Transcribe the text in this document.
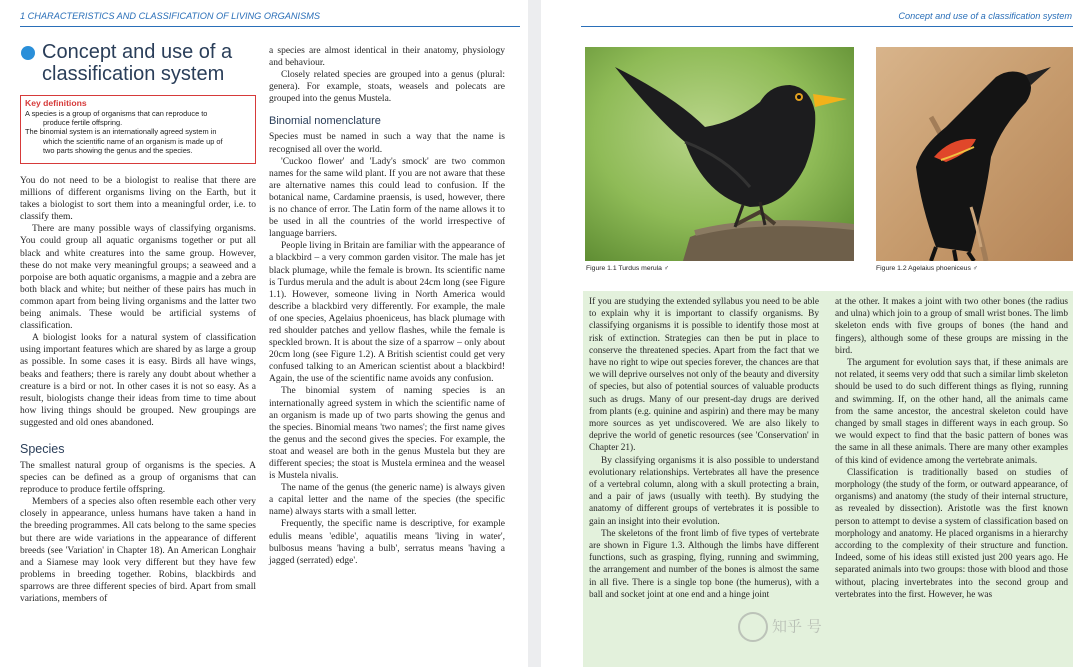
1 CHARACTERISTICS AND CLASSIFICATION OF LIVING ORGANISMS
Concept and use of a classification system
Key definitions
A species is a group of organisms that can reproduce to
produce fertile offspring.
The binomial system is an internationally agreed system in
which the scientific name of an organism is made up of
two parts showing the genus and the species.

You do not need to be a biologist to realise that there are millions of different organisms living on the Earth, but it takes a biologist to sort them into a meaningful order, i.e. to classify them.

There are many possible ways of classifying organisms. You could group all aquatic organisms together or put all black and white creatures into the same group. However, these do not make very meaningful groups; a seaweed and a porpoise are both aquatic organisms, a magpie and a zebra are both black and white; but neither of these pairs has much in common apart from being living organisms and the latter two being animals. These would be artificial systems of classification.

A biologist looks for a natural system of classification using important features which are shared by as large a group as possible. In some cases it is easy. Birds all have wings, beaks and feathers; there is rarely any doubt about whether a creature is a bird or not. In other cases it is not so easy. As a result, biologists change their ideas from time to time about how living things should be grouped. New groupings are suggested and old ones abandoned.

Species

The smallest natural group of organisms is the species. A species can be defined as a group of organisms that can reproduce to produce fertile offspring.

Members of a species also often resemble each other very closely in appearance, unless humans have taken a hand in the breeding programmes. All cats belong to the same species but there are wide variations in the appearance of different breeds (see 'Variation' in Chapter 18). An American Longhair and a Siamese may look very different but they have few problems in breeding together. Robins, blackbirds and sparrows are three different species of bird. Apart from small variations, members of

a species are almost identical in their anatomy, physiology and behaviour.

Closely related species are grouped into a genus (plural: genera). For example, stoats, weasels and polecats are grouped into the genus Mustela.

Binomial nomenclature

Species must be named in such a way that the name is recognised all over the world.

'Cuckoo flower' and 'Lady's smock' are two common names for the same wild plant. If you are not aware that these are alternative names this could lead to confusion. If the botanical name, Cardamine praensis, is used, however, there is no chance of error. The Latin form of the name allows it to be used in all the countries of the world irrespective of language barriers.

People living in Britain are familiar with the appearance of a blackbird – a very common garden visitor. The male has jet black plumage, while the female is brown. Its scientific name is Turdus merula and the adult is about 24cm long (see Figure 1.1). However, someone living in North America would describe a blackbird very differently. For example, the male of one species, Agelaius phoeniceus, has black plumage with red shoulder patches and yellow flashes, while the female is speckled brown. It is about the size of a sparrow – only about 20cm long (see Figure 1.2). A British scientist could get very confused talking to an American scientist about a blackbird! Again, the use of the scientific name avoids any confusion.

The binomial system of naming species is an internationally agreed system in which the scientific name of an organism is made up of two parts showing the genus and the species. Binomial means 'two names'; the first name gives the genus and the second gives the species. For example, the stoat and weasel are both in the genus Mustela but they are different species; the stoat is Mustela erminea and the weasel is Mustela nivalis.

The name of the genus (the generic name) is always given a capital letter and the name of the species (the specific name) always starts with a small letter.

Frequently, the specific name is descriptive, for example edulis means 'edible', aquatilis means 'living in water', bulbosus means 'having a bulb', serratus means 'having a jagged (serrated) edge'.

Concept and use of a classification system
Figure 1.1 Turdus merula ♂	Figure 1.2 Agelaius phoeniceus ♂

If you are studying the extended syllabus you need to be able to explain why it is important to classify organisms. By classifying organisms it is possible to identify those most at risk of extinction. Strategies can then be put in place to conserve the threatened species. Apart from the fact that we have no right to wipe out species forever, the chances are that we will deprive ourselves not only of the beauty and diversity of species, but also of potential sources of valuable products such as drugs. Many of our present-day drugs are derived from plants (e.g. quinine and aspirin) and there may be many more sources as yet undiscovered. We are also likely to deprive the world of genetic resources (see 'Conservation' in Chapter 21).

By classifying organisms it is also possible to understand evolutionary relationships. Vertebrates all have the presence of a vertebral column, along with a skull protecting a brain, and a pair of jaws (usually with teeth). By studying the anatomy of different groups of vertebrates it is possible to gain an insight into their evolution.

The skeletons of the front limb of five types of vertebrate are shown in Figure 1.3. Although the limbs have different functions, such as grasping, flying, running and swimming, the arrangement and number of the bones is almost the same in all five. There is a single top bone (the humerus), with a ball and socket joint at one end and a hinge joint

at the other. It makes a joint with two other bones (the radius and ulna) which join to a group of small wrist bones. The limb skeleton ends with five groups of bones (the hand and fingers), although some of these groups are missing in the bird.

The argument for evolution says that, if these animals are not related, it seems very odd that such a similar limb skeleton should be used to do such different things as flying, running and swimming. If, on the other hand, all the animals came from the same ancestor, the ancestral skeleton could have changed by small stages in different ways in each group. So we would expect to find that the basic pattern of bones was the same in all these animals. There are many other examples of this kind of evidence among the vertebrate animals.

Classification is traditionally based on studies of morphology (the study of the form, or outward appearance, of organisms) and anatomy (the study of their internal structure, as revealed by dissection). Aristotle was the first known person to attempt to devise a system of classification based on morphology and anatomy. He placed organisms in a hierarchy according to the complexity of their structure and function. Indeed, some of his ideas still existed just 200 years ago. He separated animals into two groups: those with blood and those without, placing invertebrates into the second group and vertebrates into the first. However, he was

知乎 号
